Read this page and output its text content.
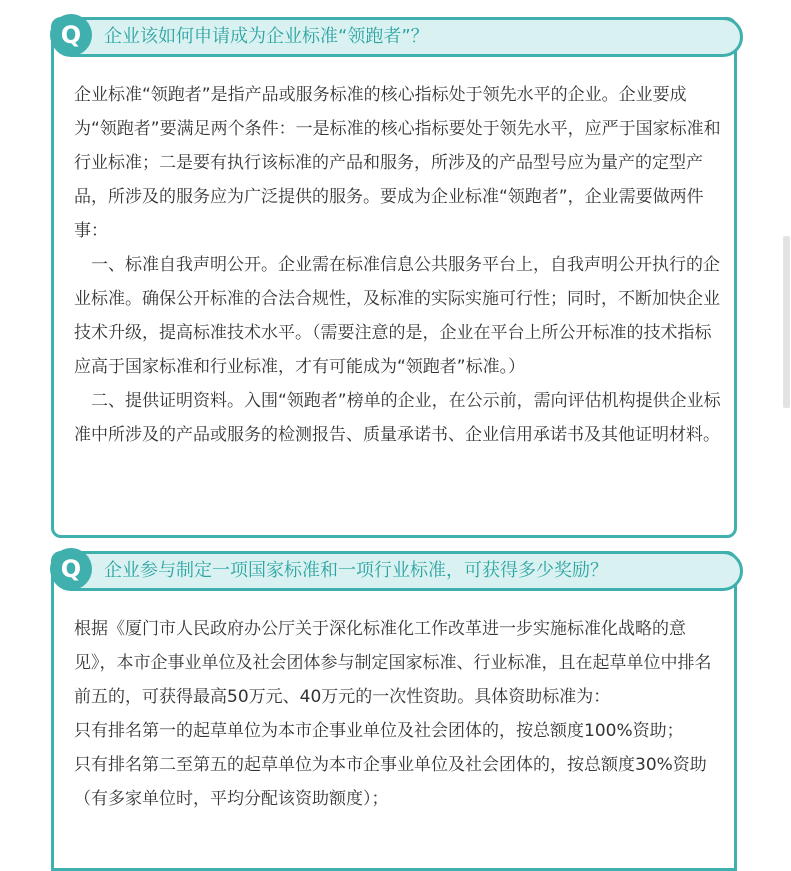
Q	企业该如何申请成为企业标准“领跑者”？

企业标准“领跑者”是指产品或服务标准的核心指标处于领先水平的企业。企业要成为“领跑者”要满足两个条件：一是标准的核心指标要处于领先水平，应严于国家标准和行业标准；二是要有执行该标准的产品和服务，所涉及的产品型号应为量产的定型产品，所涉及的服务应为广泛提供的服务。要成为企业标准“领跑者”，企业需要做两件事：

一、标准自我声明公开。企业需在标准信息公共服务平台上，自我声明公开执行的企业标准。确保公开标准的合法合规性，及标准的实际实施可行性；同时，不断加快企业技术升级，提高标准技术水平。（需要注意的是，企业在平台上所公开标准的技术指标应高于国家标准和行业标准，才有可能成为“领跑者”标准。）

二、提供证明资料。入围“领跑者”榜单的企业，在公示前，需向评估机构提供企业标准中所涉及的产品或服务的检测报告、质量承诺书、企业信用承诺书及其他证明材料。

Q	企业参与制定一项国家标准和一项行业标准，可获得多少奖励？

根据《厦门市人民政府办公厅关于深化标准化工作改革进一步实施标准化战略的意见》，本市企事业单位及社会团体参与制定国家标准、行业标准，且在起草单位中排名前五的，可获得最高50万元、40万元的一次性资助。具体资助标准为：

只有排名第一的起草单位为本市企事业单位及社会团体的，按总额度100%资助；

只有排名第二至第五的起草单位为本市企事业单位及社会团体的，按总额度30%资助（有多家单位时，平均分配该资助额度）；
